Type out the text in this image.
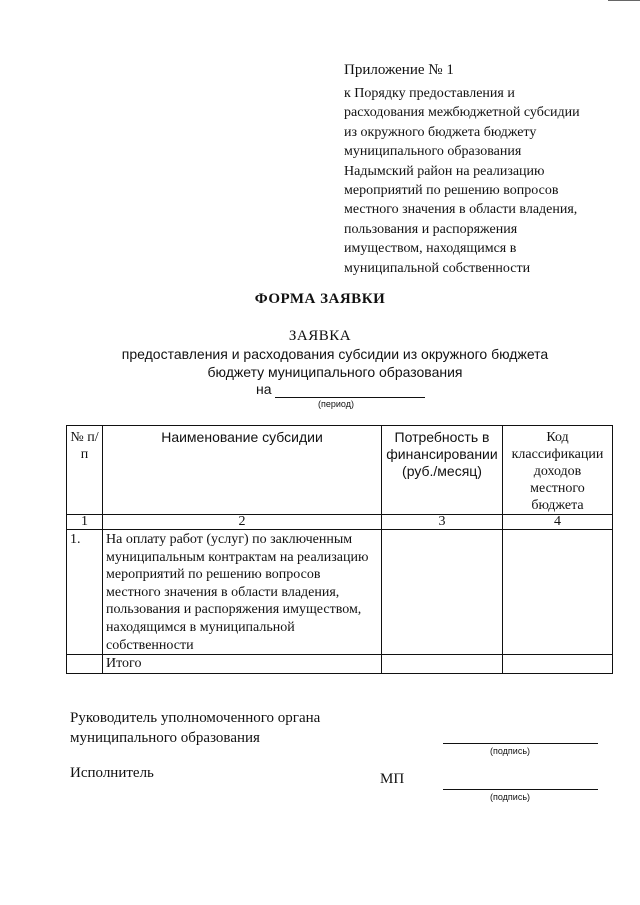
Приложение № 1

к Порядку предоставления и
расходования межбюджетной субсидии
из окружного бюджета бюджету
муниципального образования
Надымский район на реализацию
мероприятий по решению вопросов
местного значения в области владения,
пользования и распоряжения
имуществом, находящимся в
муниципальной собственности

ФОРМА ЗАЯВКИ
ЗАЯВКА
предоставления и расходования субсидии из окружного бюджета
бюджету муниципального образования
на
(период)
№ п/п	Наименование субсидии	Потребность в финансировании (руб./месяц)	Код классификации доходов местного бюджета
1	2	3	4
1.	На оплату работ (услуг) по заключенным муниципальным контрактам на реализацию мероприятий по решению вопросов местного значения в области владения, пользования и распоряжения имуществом, находящимся в муниципальной собственности		
	Итого		

Руководитель уполномоченного органа
муниципального образования

(подпись)
Исполнитель	МП
(подпись)
